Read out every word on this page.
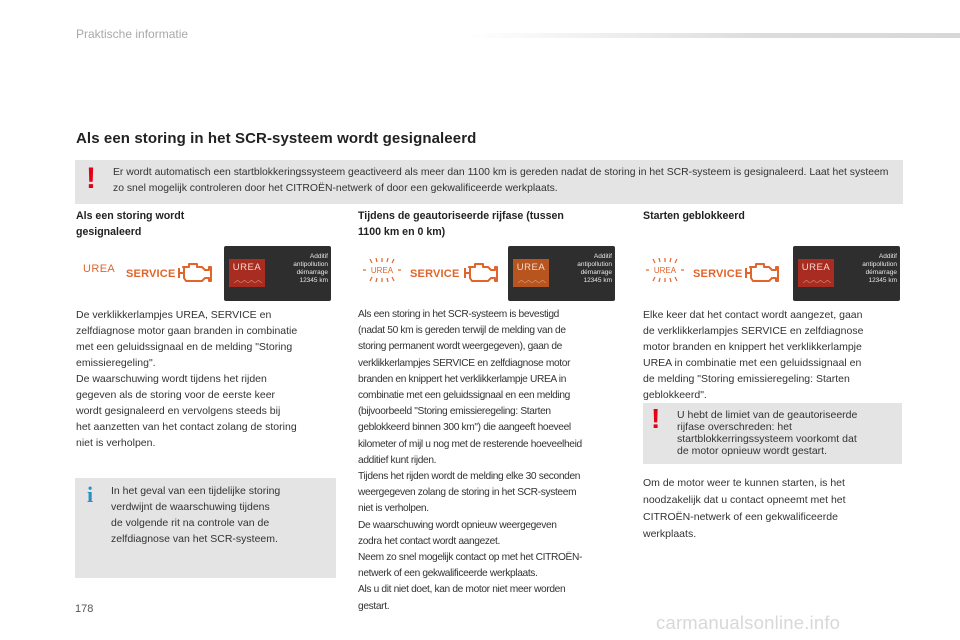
Praktische informatie
Als een storing in het SCR-systeem wordt gesignaleerd
! Er wordt automatisch een startblokkeringssysteem geactiveerd als meer dan 1100 km is gereden nadat de storing in het SCR-systeem is gesignaleerd. Laat het systeem zo snel mogelijk controleren door het CITROËN-netwerk of door een gekwalificeerde werkplaats.
Als een storing wordt
gesignaleerd
Tijdens de geautoriseerde rijfase (tussen
1100 km en 0 km)
Starten geblokkeerd
UREA SERVICE
UREA
︿︿︿︿
Additif
antipollution
démarrage
12345 km
UREA SERVICE
UREA
︿︿︿︿
Additif
antipollution
démarrage
12345 km
UREA SERVICE
UREA
︿︿︿︿
Additif
antipollution
démarrage
12345 km
De verklikkerlampjes UREA, SERVICE en
zelfdiagnose motor gaan branden in combinatie
met een geluidssignaal en de melding "Storing
emissieregeling".
De waarschuwing wordt tijdens het rijden
gegeven als de storing voor de eerste keer
wordt gesignaleerd en vervolgens steeds bij
het aanzetten van het contact zolang de storing
niet is verholpen.
i In het geval van een tijdelijke storing
verdwijnt de waarschuwing tijdens
de volgende rit na controle van de
zelfdiagnose van het SCR-systeem.
Als een storing in het SCR-systeem is bevestigd
(nadat 50 km is gereden terwijl de melding van de
storing permanent wordt weergegeven), gaan de
verklikkerlampjes SERVICE en zelfdiagnose motor
branden en knippert het verklikkerlampje UREA in
combinatie met een geluidssignaal en een melding
(bijvoorbeeld "Storing emissieregeling: Starten
geblokkeerd binnen 300 km") die aangeeft hoeveel
kilometer of mijl u nog met de resterende hoeveelheid
additief kunt rijden.
Tijdens het rijden wordt de melding elke 30 seconden
weergegeven zolang de storing in het SCR-systeem
niet is verholpen.
De waarschuwing wordt opnieuw weergegeven
zodra het contact wordt aangezet.
Neem zo snel mogelijk contact op met het CITROËN-
netwerk of een gekwalificeerde werkplaats.
Als u dit niet doet, kan de motor niet meer worden
gestart.
Elke keer dat het contact wordt aangezet, gaan
de verklikkerlampjes SERVICE en zelfdiagnose
motor branden en knippert het verklikkerlampje
UREA in combinatie met een geluidssignaal en
de melding "Storing emissieregeling: Starten
geblokkeerd".
! U hebt de limiet van de geautoriseerde
rijfase overschreden: het
startblokkerringssysteem voorkomt dat
de motor opnieuw wordt gestart.
Om de motor weer te kunnen starten, is het
noodzakelijk dat u contact opneemt met het
CITROËN-netwerk of een gekwalificeerde
werkplaats.
178
carmanualsonline.info
